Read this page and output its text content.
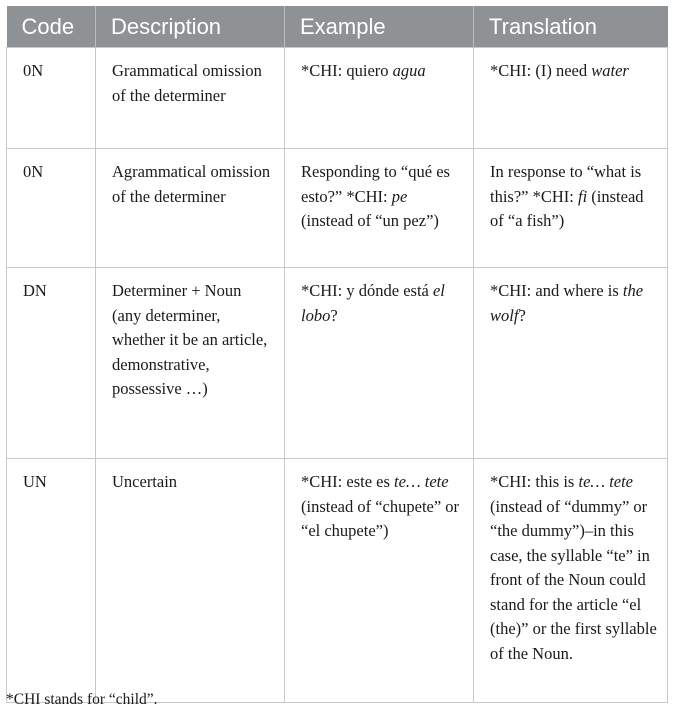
Code	Description	Example	Translation
0N	Grammatical omission of the determiner	*CHI: quiero agua	*CHI: (I) need water
0N	Agrammatical omission of the determiner	Responding to “qué es esto?” *CHI: pe (instead of “un pez”)	In response to “what is this?” *CHI: fi (instead of “a fish”)
DN	Determiner + Noun (any determiner, whether it be an article, demonstrative, possessive …)	*CHI: y dónde está el lobo?	*CHI: and where is the wolf?
UN	Uncertain	*CHI: este es te… tete (instead of “chupete” or “el chupete”)	*CHI: this is te… tete (instead of “dummy” or “the dummy”)–in this case, the syllable “te” in front of the Noun could stand for the article “el (the)” or the first syllable of the Noun.
*CHI stands for “child”.
